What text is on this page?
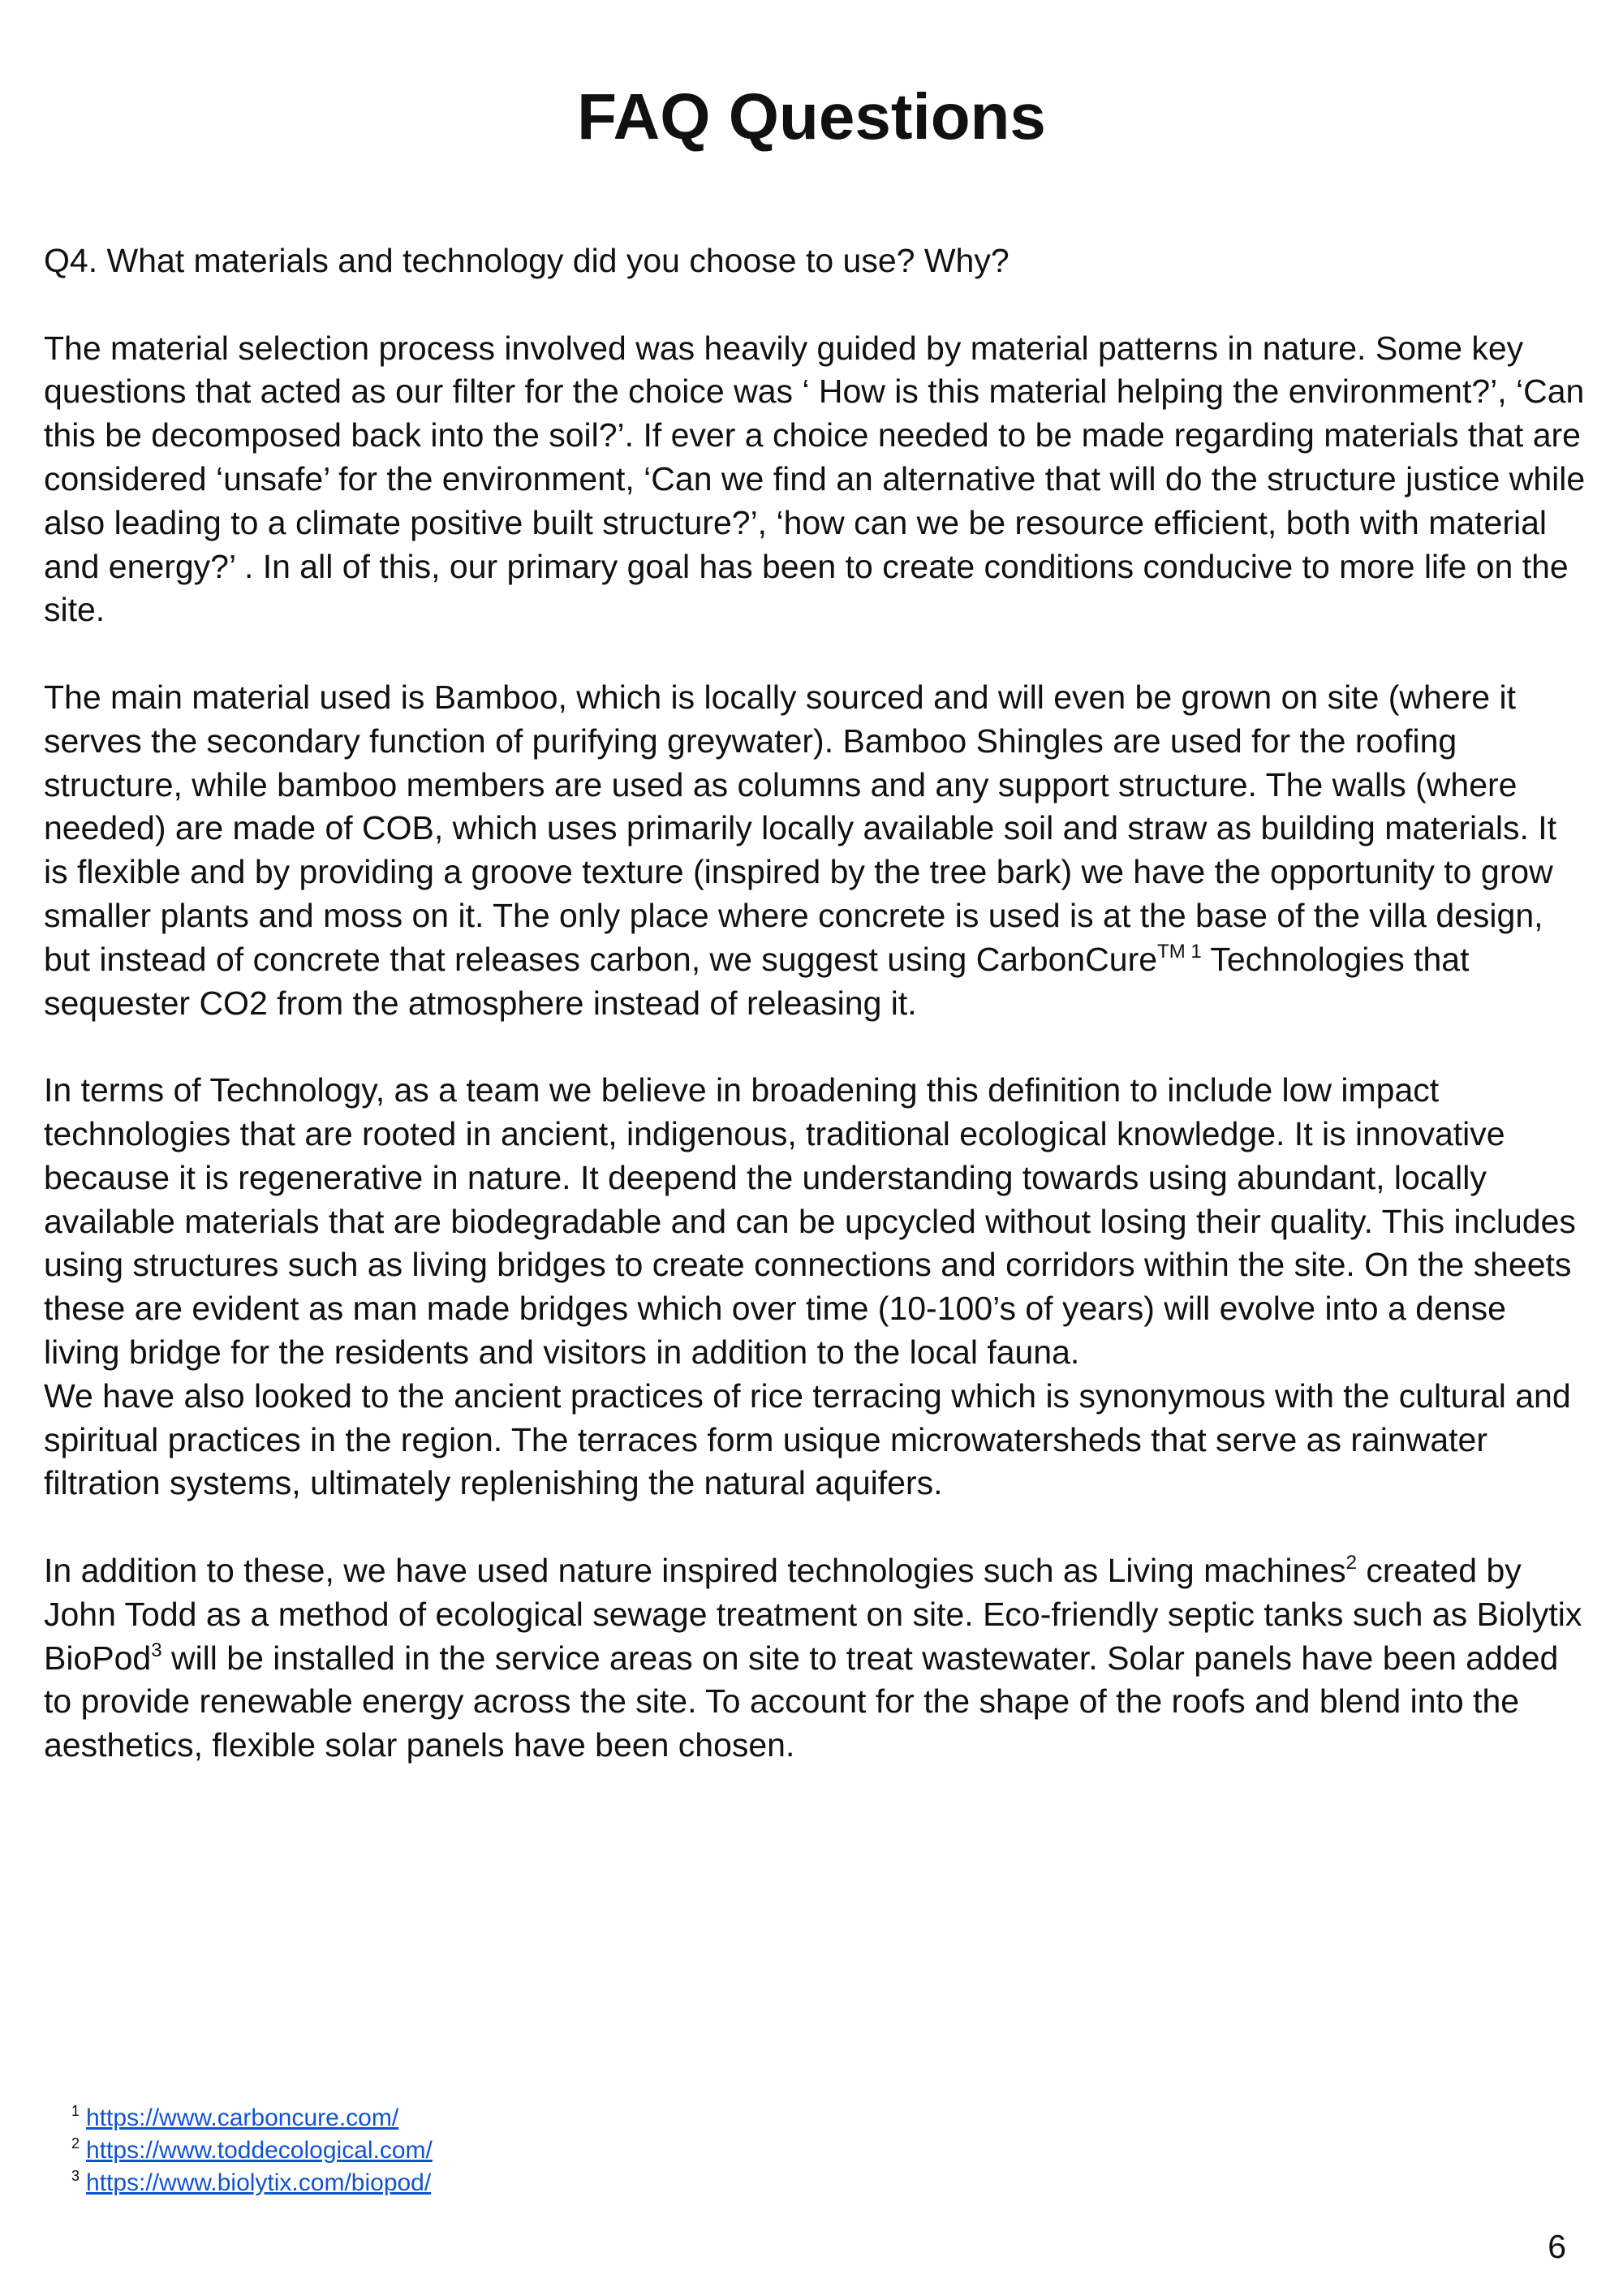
FAQ Questions

Q4. What materials and technology did you choose to use? Why?

The material selection process involved was heavily guided by material patterns in nature. Some key questions that acted as our filter for the choice was ‘ How is this material helping the environment?’, ‘Can this be decomposed back into the soil?’. If ever a choice needed to be made regarding materials that are considered ‘unsafe’ for the environment, ‘Can we find an alternative that will do the structure justice while also leading to a climate positive built structure?’, ‘how can we be resource efficient, both with material and energy?’ . In all of this, our primary goal has been to create conditions conducive to more life on the site.

The main material used is Bamboo, which is locally sourced and will even be grown on site (where it serves the secondary function of purifying greywater). Bamboo Shingles are used for the roofing structure, while bamboo members are used as columns and any support structure. The walls (where needed) are made of COB, which uses primarily locally available soil and straw as building materials. It is flexible and by providing a groove texture (inspired by the tree bark) we have the opportunity to grow smaller plants and moss on it. The only place where concrete is used is at the base of the villa design, but instead of concrete that releases carbon, we suggest using CarbonCure$^{TM 1}$ Technologies that sequester CO2 from the atmosphere instead of releasing it.

In terms of Technology, as a team we believe in broadening this definition to include low impact technologies that are rooted in ancient, indigenous, traditional ecological knowledge. It is innovative because it is regenerative in nature. It deepend the understanding towards using abundant, locally available materials that are biodegradable and can be upcycled without losing their quality. This includes using structures such as living bridges to create connections and corridors within the site. On the sheets these are evident as man made bridges which over time (10-100’s of years) will evolve into a dense living bridge for the residents and visitors in addition to the local fauna.

We have also looked to the ancient practices of rice terracing which is synonymous with the cultural and spiritual practices in the region. The terraces form usique microwatersheds that serve as rainwater filtration systems, ultimately replenishing the natural aquifers.

In addition to these, we have used nature inspired technologies such as Living machines$^2$ created by John Todd as a method of ecological sewage treatment on site. Eco-friendly septic tanks such as Biolytix BioPod$^3$ will be installed in the service areas on site to treat wastewater. Solar panels have been added to provide renewable energy across the site. To account for the shape of the roofs and blend into the aesthetics, flexible solar panels have been chosen.

$^1$ https://www.carboncure.com/
$^2$ https://www.toddecological.com/
$^3$ https://www.biolytix.com/biopod/
6
